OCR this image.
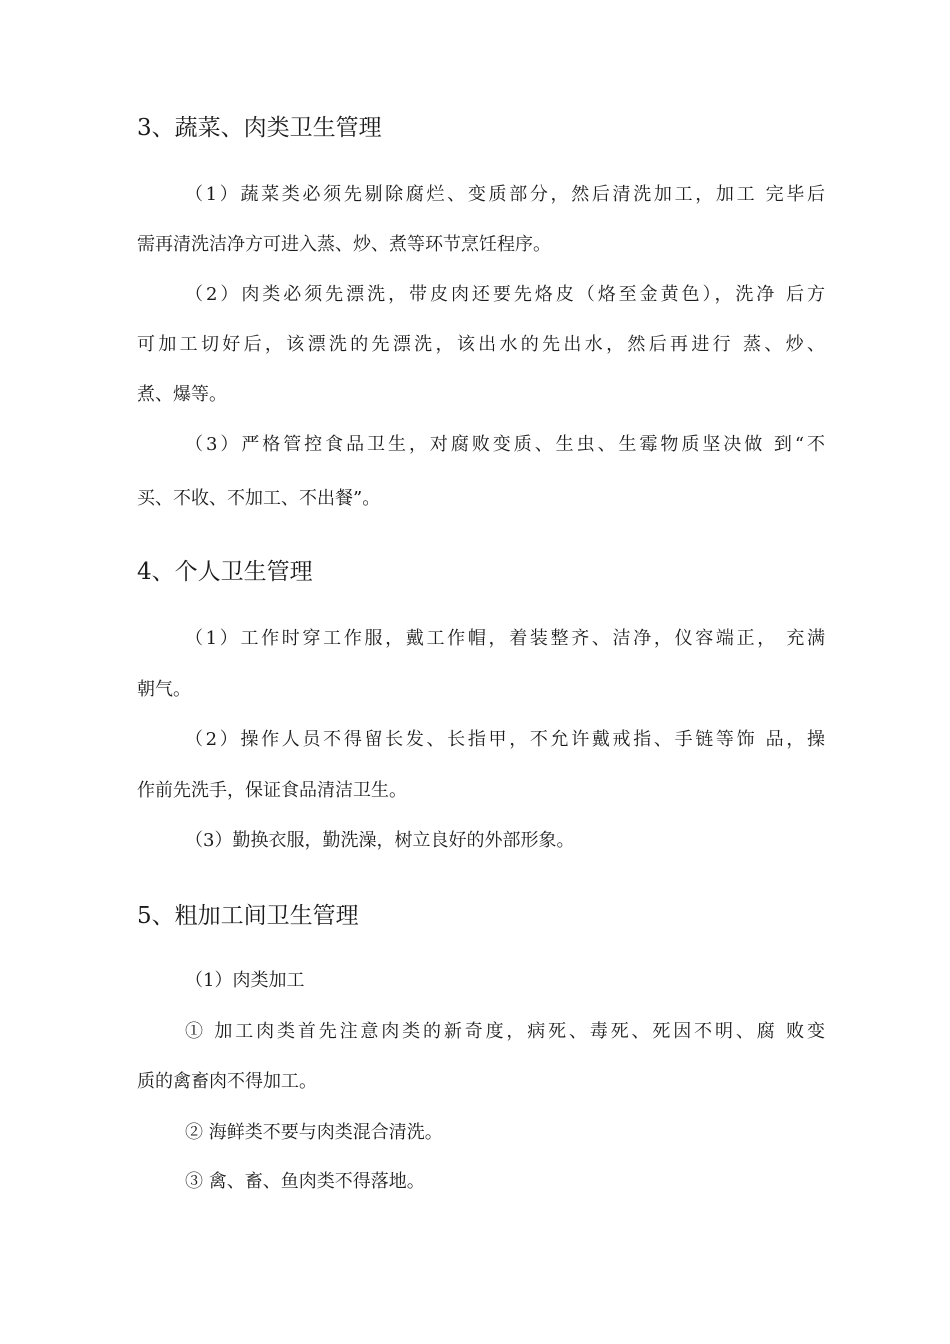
3、蔬菜、肉类卫生管理
（1）蔬菜类必须先剔除腐烂、变质部分，然后清洗加工，加工 完毕后
需再清洗洁净方可进入蒸、炒、煮等环节烹饪程序。
（2）肉类必须先漂洗，带皮肉还要先烙皮（烙至金黄色），洗净 后方
可加工切好后，该漂洗的先漂洗，该出水的先出水，然后再进行 蒸、炒、
煮、爆等。
（3）严格管控食品卫生，对腐败变质、生虫、生霉物质坚决做 到“不
买、不收、不加工、不出餐”。
4、个人卫生管理
（1）工作时穿工作服，戴工作帽，着装整齐、洁净，仪容端正， 充满
朝气。
（2）操作人员不得留长发、长指甲，不允许戴戒指、手链等饰 品，操
作前先洗手，保证食品清洁卫生。
（3）勤换衣服，勤洗澡，树立良好的外部形象。
5、粗加工间卫生管理
（1）肉类加工
① 加工肉类首先注意肉类的新奇度，病死、毒死、死因不明、腐 败变
质的禽畜肉不得加工。
② 海鲜类不要与肉类混合清洗。
③ 禽、畜、鱼肉类不得落地。
